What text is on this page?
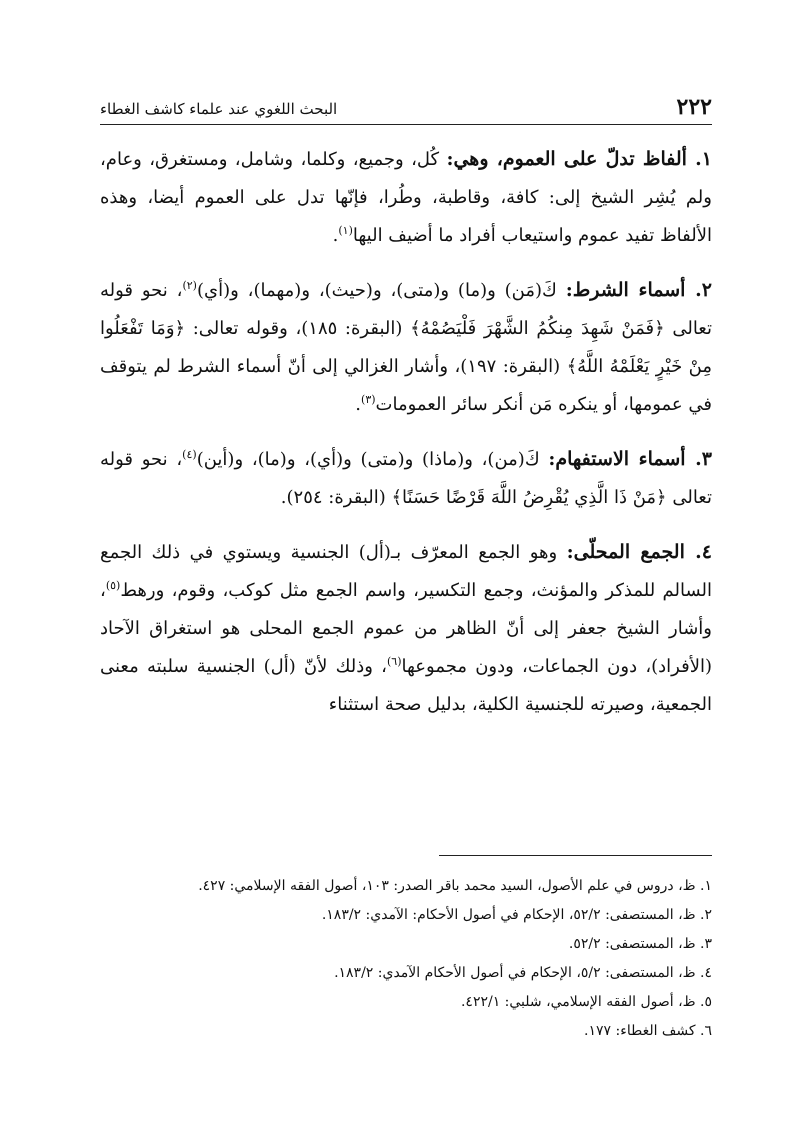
٢٢٢
البحث اللغوي عند علماء كاشف الغطاء

١. ألفاظ تدلّ على العموم، وهي: كُل، وجميع، وكلما، وشامل، ومستغرق، وعام، ولم يُشِر الشيخ إلى: كافة، وقاطبة، وطُرا، فإنّها تدل على العموم أيضا، وهذه الألفاظ تفيد عموم واستيعاب أفراد ما أضيف اليها$^{(١)}$.

٢. أسماء الشرط: كَ(مَن) و(ما) و(متى)، و(حيث)، و(مهما)، و(أي)$^{(٢)}$، نحو قوله تعالى ﴿فَمَنْ شَهِدَ مِنكُمُ الشَّهْرَ فَلْيَصُمْهُ﴾ (البقرة: ١٨٥)، وقوله تعالى: ﴿وَمَا تَفْعَلُوا مِنْ خَيْرٍ يَعْلَمْهُ اللَّهُ﴾ (البقرة: ١٩٧)، وأشار الغزالي إلى أنّ أسماء الشرط لم يتوقف في عمومها، أو ينكره مَن أنكر سائر العمومات$^{(٣)}$.

٣. أسماء الاستفهام: كَ(من)، و(ماذا) و(متى) و(أي)، و(ما)، و(أين)$^{(٤)}$، نحو قوله تعالى ﴿مَنْ ذَا الَّذِي يُقْرِضُ اللَّهَ قَرْضًا حَسَنًا﴾ (البقرة: ٢٥٤).

٤. الجمع المحلّى: وهو الجمع المعرّف بـ(أل) الجنسية ويستوي في ذلك الجمع السالم للمذكر والمؤنث، وجمع التكسير، واسم الجمع مثل كوكب، وقوم، ورهط$^{(٥)}$، وأشار الشيخ جعفر إلى أنّ الظاهر من عموم الجمع المحلى هو استغراق الآحاد (الأفراد)، دون الجماعات، ودون مجموعها$^{(٦)}$، وذلك لأنّ (أل) الجنسية سلبته معنى الجمعية، وصيرته للجنسية الكلية، بدليل صحة استثناء

١. ظ، دروس في علم الأصول، السيد محمد باقر الصدر: ١٠٣، أصول الفقه الإسلامي: ٤٢٧.
٢. ظ، المستصفى: ٥٢/٢، الإحكام في أصول الأحكام: الآمدي: ١٨٣/٢.
٣. ظ، المستصفى: ٥٢/٢.
٤. ظ، المستصفى: ٥/٢، الإحكام في أصول الأحكام الآمدي: ١٨٣/٢.
٥. ظ، أصول الفقه الإسلامي، شلبي: ٤٢٢/١.
٦. كشف الغطاء: ١٧٧.
